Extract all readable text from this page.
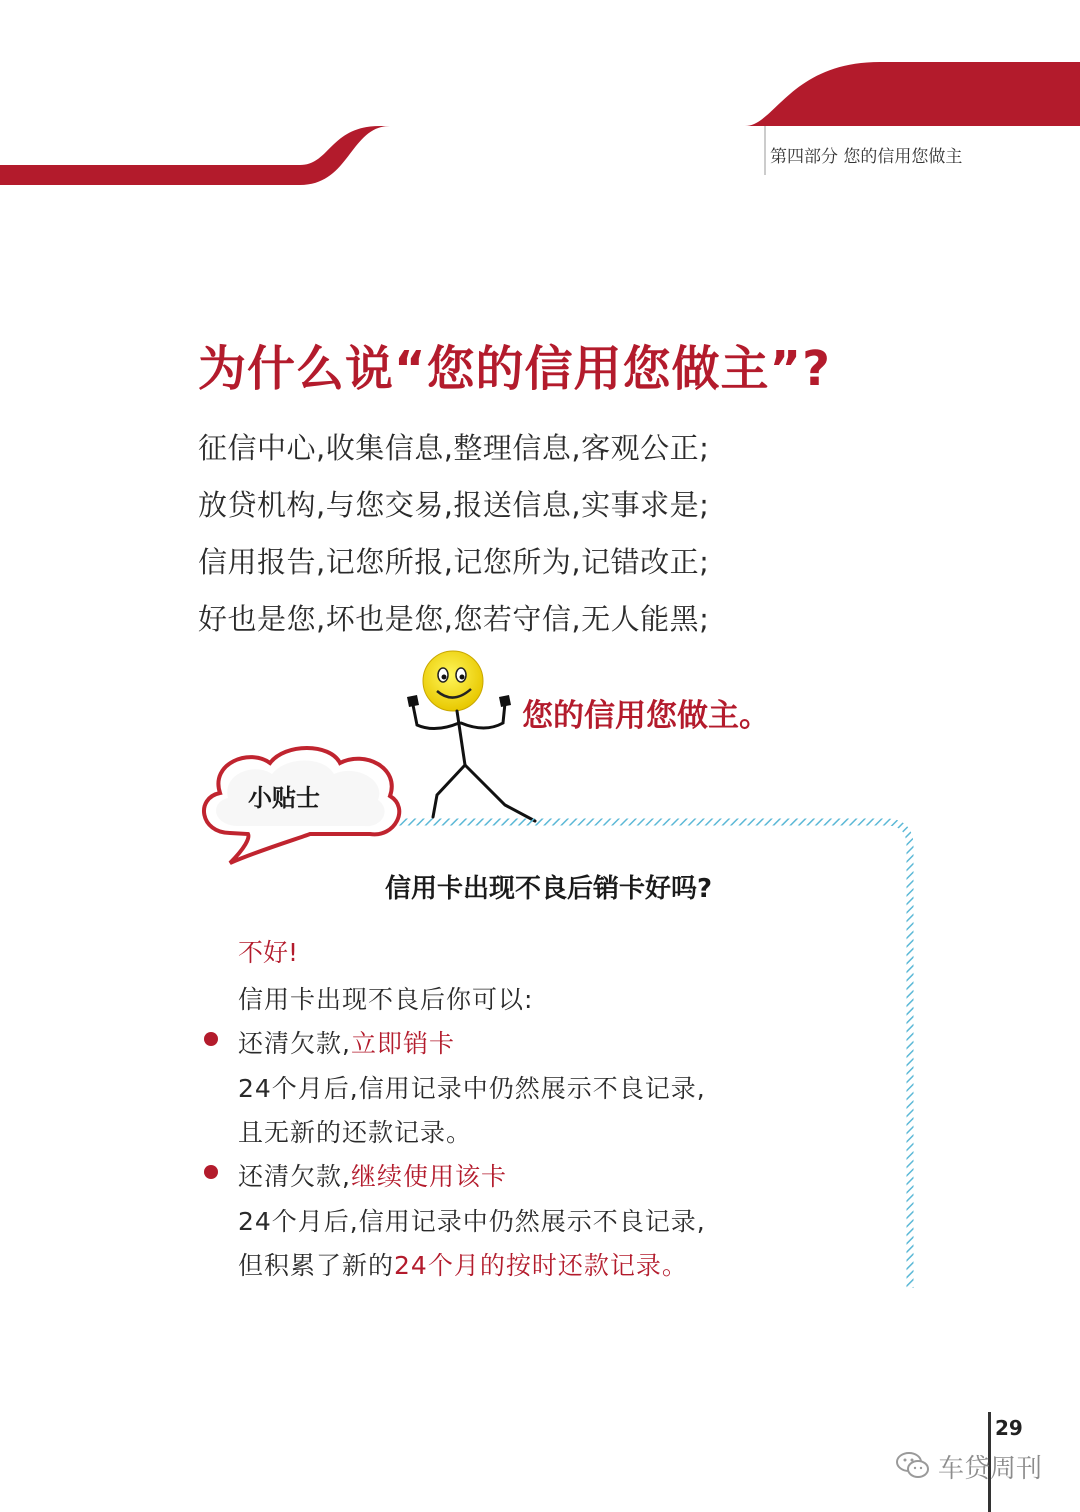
珍爱信用记录 享受幸福人生
第四部分 您的信用您做主
为什么说“您的信用您做主”?
征信中心,收集信息,整理信息,客观公正;
放贷机构,与您交易,报送信息,实事求是;
信用报告,记您所报,记您所为,记错改正;
好也是您,坏也是您,您若守信,无人能黑;
您的信用您做主。
小贴士
信用卡出现不良后销卡好吗?
不好!
信用卡出现不良后你可以:
还清欠款,立即销卡
24个月后,信用记录中仍然展示不良记录,
且无新的还款记录。
还清欠款,继续使用该卡
24个月后,信用记录中仍然展示不良记录,
但积累了新的24个月的按时还款记录。
29
车贷周刊
